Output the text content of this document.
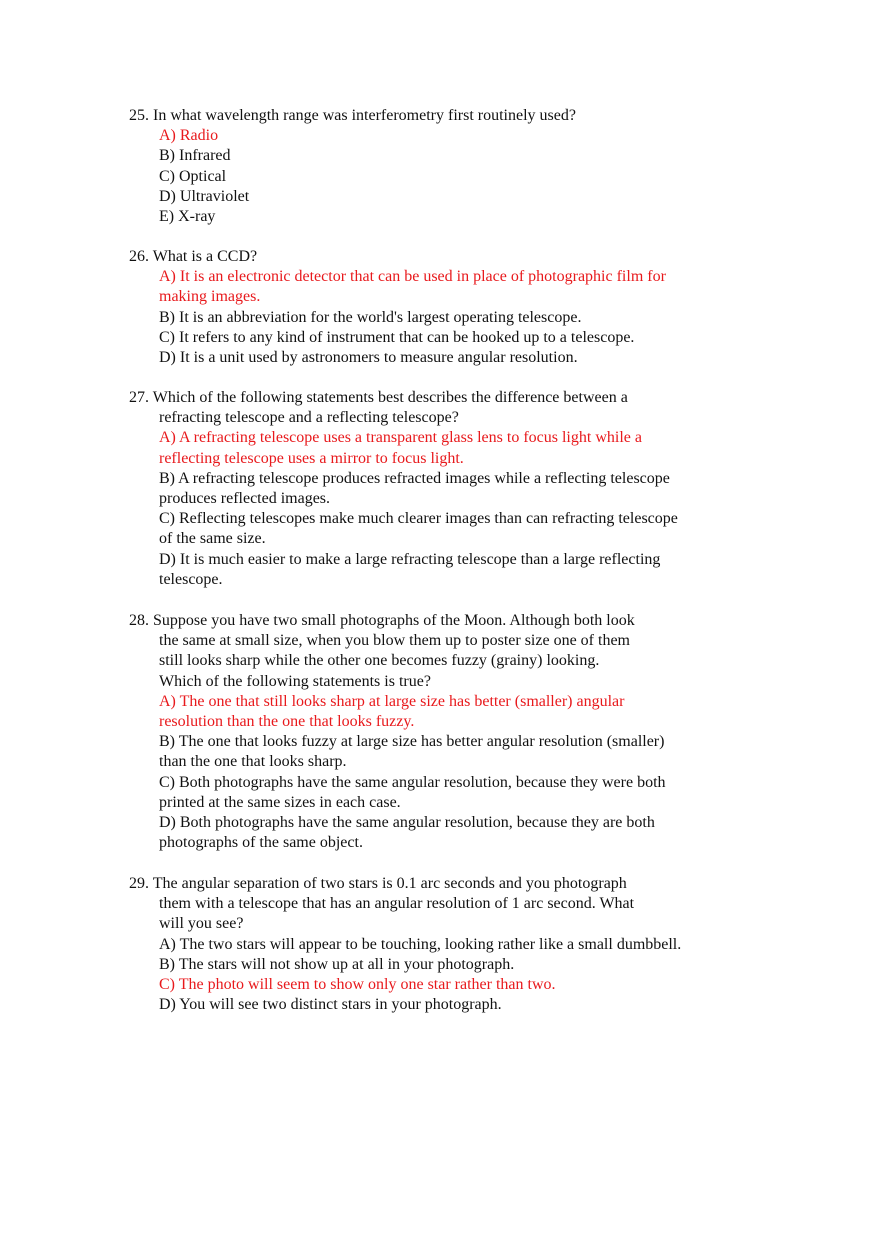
25. In what wavelength range was interferometry first routinely used?
A) Radio
B) Infrared
C) Optical
D) Ultraviolet
E) X-ray
26. What is a CCD?
A) It is an electronic detector that can be used in place of photographic film for
making images.
B) It is an abbreviation for the world's largest operating telescope.
C) It refers to any kind of instrument that can be hooked up to a telescope.
D) It is a unit used by astronomers to measure angular resolution.
27. Which of the following statements best describes the difference between a
refracting telescope and a reflecting telescope?
A) A refracting telescope uses a transparent glass lens to focus light while a
reflecting telescope uses a mirror to focus light.
B) A refracting telescope produces refracted images while a reflecting telescope
produces reflected images.
C) Reflecting telescopes make much clearer images than can refracting telescope
of the same size.
D) It is much easier to make a large refracting telescope than a large reflecting
telescope.
28. Suppose you have two small photographs of the Moon. Although both look
the same at small size, when you blow them up to poster size one of them
still looks sharp while the other one becomes fuzzy (grainy) looking.
Which of the following statements is true?
A) The one that still looks sharp at large size has better (smaller) angular
resolution than the one that looks fuzzy.
B) The one that looks fuzzy at large size has better angular resolution (smaller)
than the one that looks sharp.
C) Both photographs have the same angular resolution, because they were both
printed at the same sizes in each case.
D) Both photographs have the same angular resolution, because they are both
photographs of the same object.
29. The angular separation of two stars is 0.1 arc seconds and you photograph
them with a telescope that has an angular resolution of 1 arc second. What
will you see?
A) The two stars will appear to be touching, looking rather like a small dumbbell.
B) The stars will not show up at all in your photograph.
C) The photo will seem to show only one star rather than two.
D) You will see two distinct stars in your photograph.
